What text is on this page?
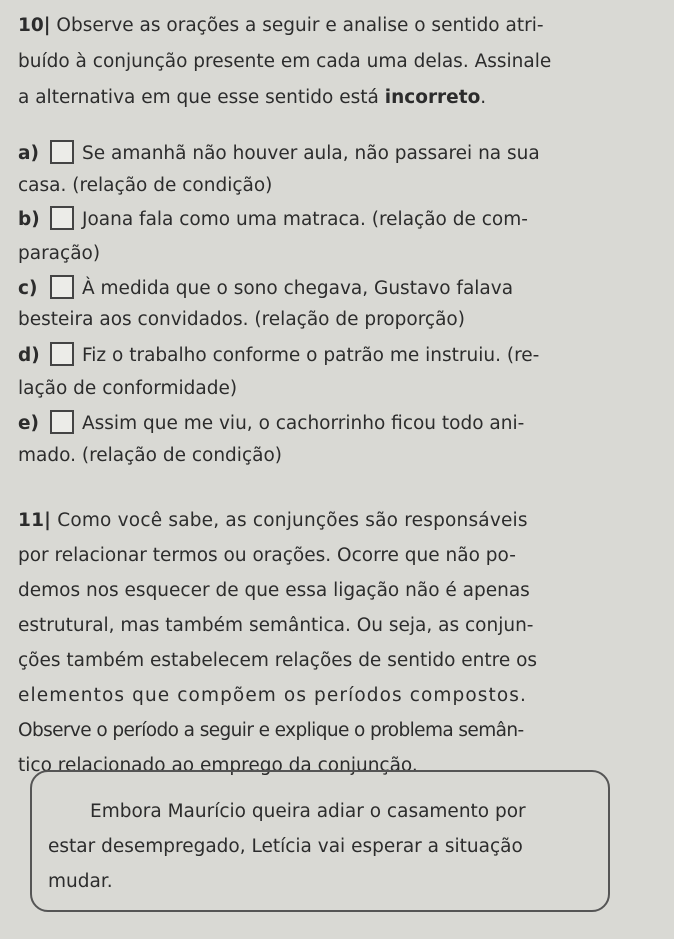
10| Observe as orações a seguir e analise o sentido atri-
buído à conjunção presente em cada uma delas. Assinale
a alternativa em que esse sentido está incorreto.
a) Se amanhã não houver aula, não passarei na sua
casa. (relação de condição)
b) Joana fala como uma matraca. (relação de com-
paração)
c) À medida que o sono chegava, Gustavo falava
besteira aos convidados. (relação de proporção)
d) Fiz o trabalho conforme o patrão me instruiu. (re-
lação de conformidade)
e) Assim que me viu, o cachorrinho ficou todo ani-
mado. (relação de condição)
11| Como você sabe, as conjunções são responsáveis
por relacionar termos ou orações. Ocorre que não po-
demos nos esquecer de que essa ligação não é apenas
estrutural, mas também semântica. Ou seja, as conjun-
ções também estabelecem relações de sentido entre os
elementos que compõem os períodos compostos.
Observe o período a seguir e explique o problema semân-
tico relacionado ao emprego da conjunção.
Embora Maurício queira adiar o casamento por
estar desempregado, Letícia vai esperar a situação
mudar.
